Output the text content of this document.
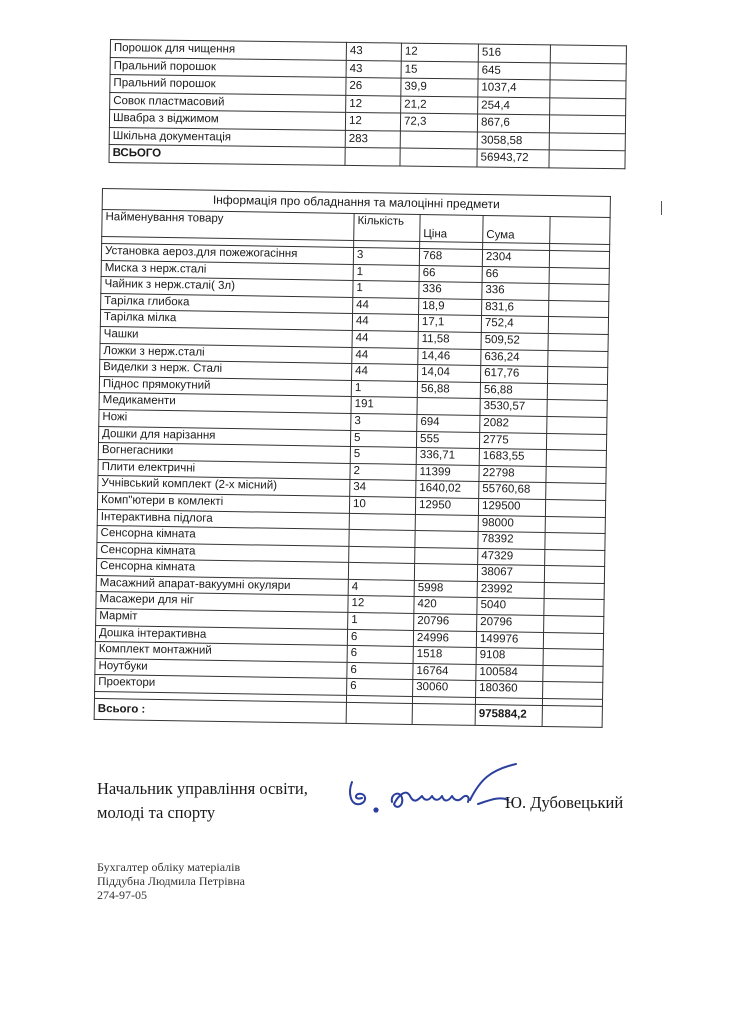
Порошок для чищення	43	12	516	
Пральний порошок	43	15	645	
Пральний порошок	26	39,9	1037,4	
Совок пластмасовий	12	21,2	254,4	
Швабра з віджимом	12	72,3	867,6	
Шкільна документація	283		3058,58	
ВСЬОГО			56943,72	
Інформація про обладнання та малоцінні предмети				
Найменування товару	Кількість	Ціна	Сума	

Установка аероз.для пожежогасіння	3	768	2304	
Миска з нерж.сталі	1	66	66	
Чайник з нерж.сталі( 3л)	1	336	336	
Тарілка глибока	44	18,9	831,6	
Тарілка мілка	44	17,1	752,4	
Чашки	44	11,58	509,52	
Ложки з нерж.сталі	44	14,46	636,24	
Виделки з нерж. Сталі	44	14,04	617,76	
Піднос прямокутний	1	56,88	56,88	
Медикаменти	191		3530,57	
Ножі	3	694	2082	
Дошки для нарізання	5	555	2775	
Вогнегасники	5	336,71	1683,55	
Плити електричні	2	11399	22798	
Учнівський комплект (2-х місний)	34	1640,02	55760,68	
Комп"ютери в комлекті	10	12950	129500	
Інтерактивна підлога			98000	
Сенсорна кімната			78392	
Сенсорна кімната			47329	
Сенсорна кімната			38067	
Масажний апарат-вакуумні окуляри	4	5998	23992	
Масажери для ніг	12	420	5040	
Марміт	1	20796	20796	
Дошка інтерактивна	6	24996	149976	
Комплект монтажний	6	1518	9108	
Ноутбуки	6	16764	100584	
Проектори	6	30060	180360	

Всього :			975884,2	
Начальник управління освіти,
молоді та спорту
Ю. Дубовецький
Бухгалтер обліку матеріалів
Піддубна Людмила Петрівна
274-97-05
